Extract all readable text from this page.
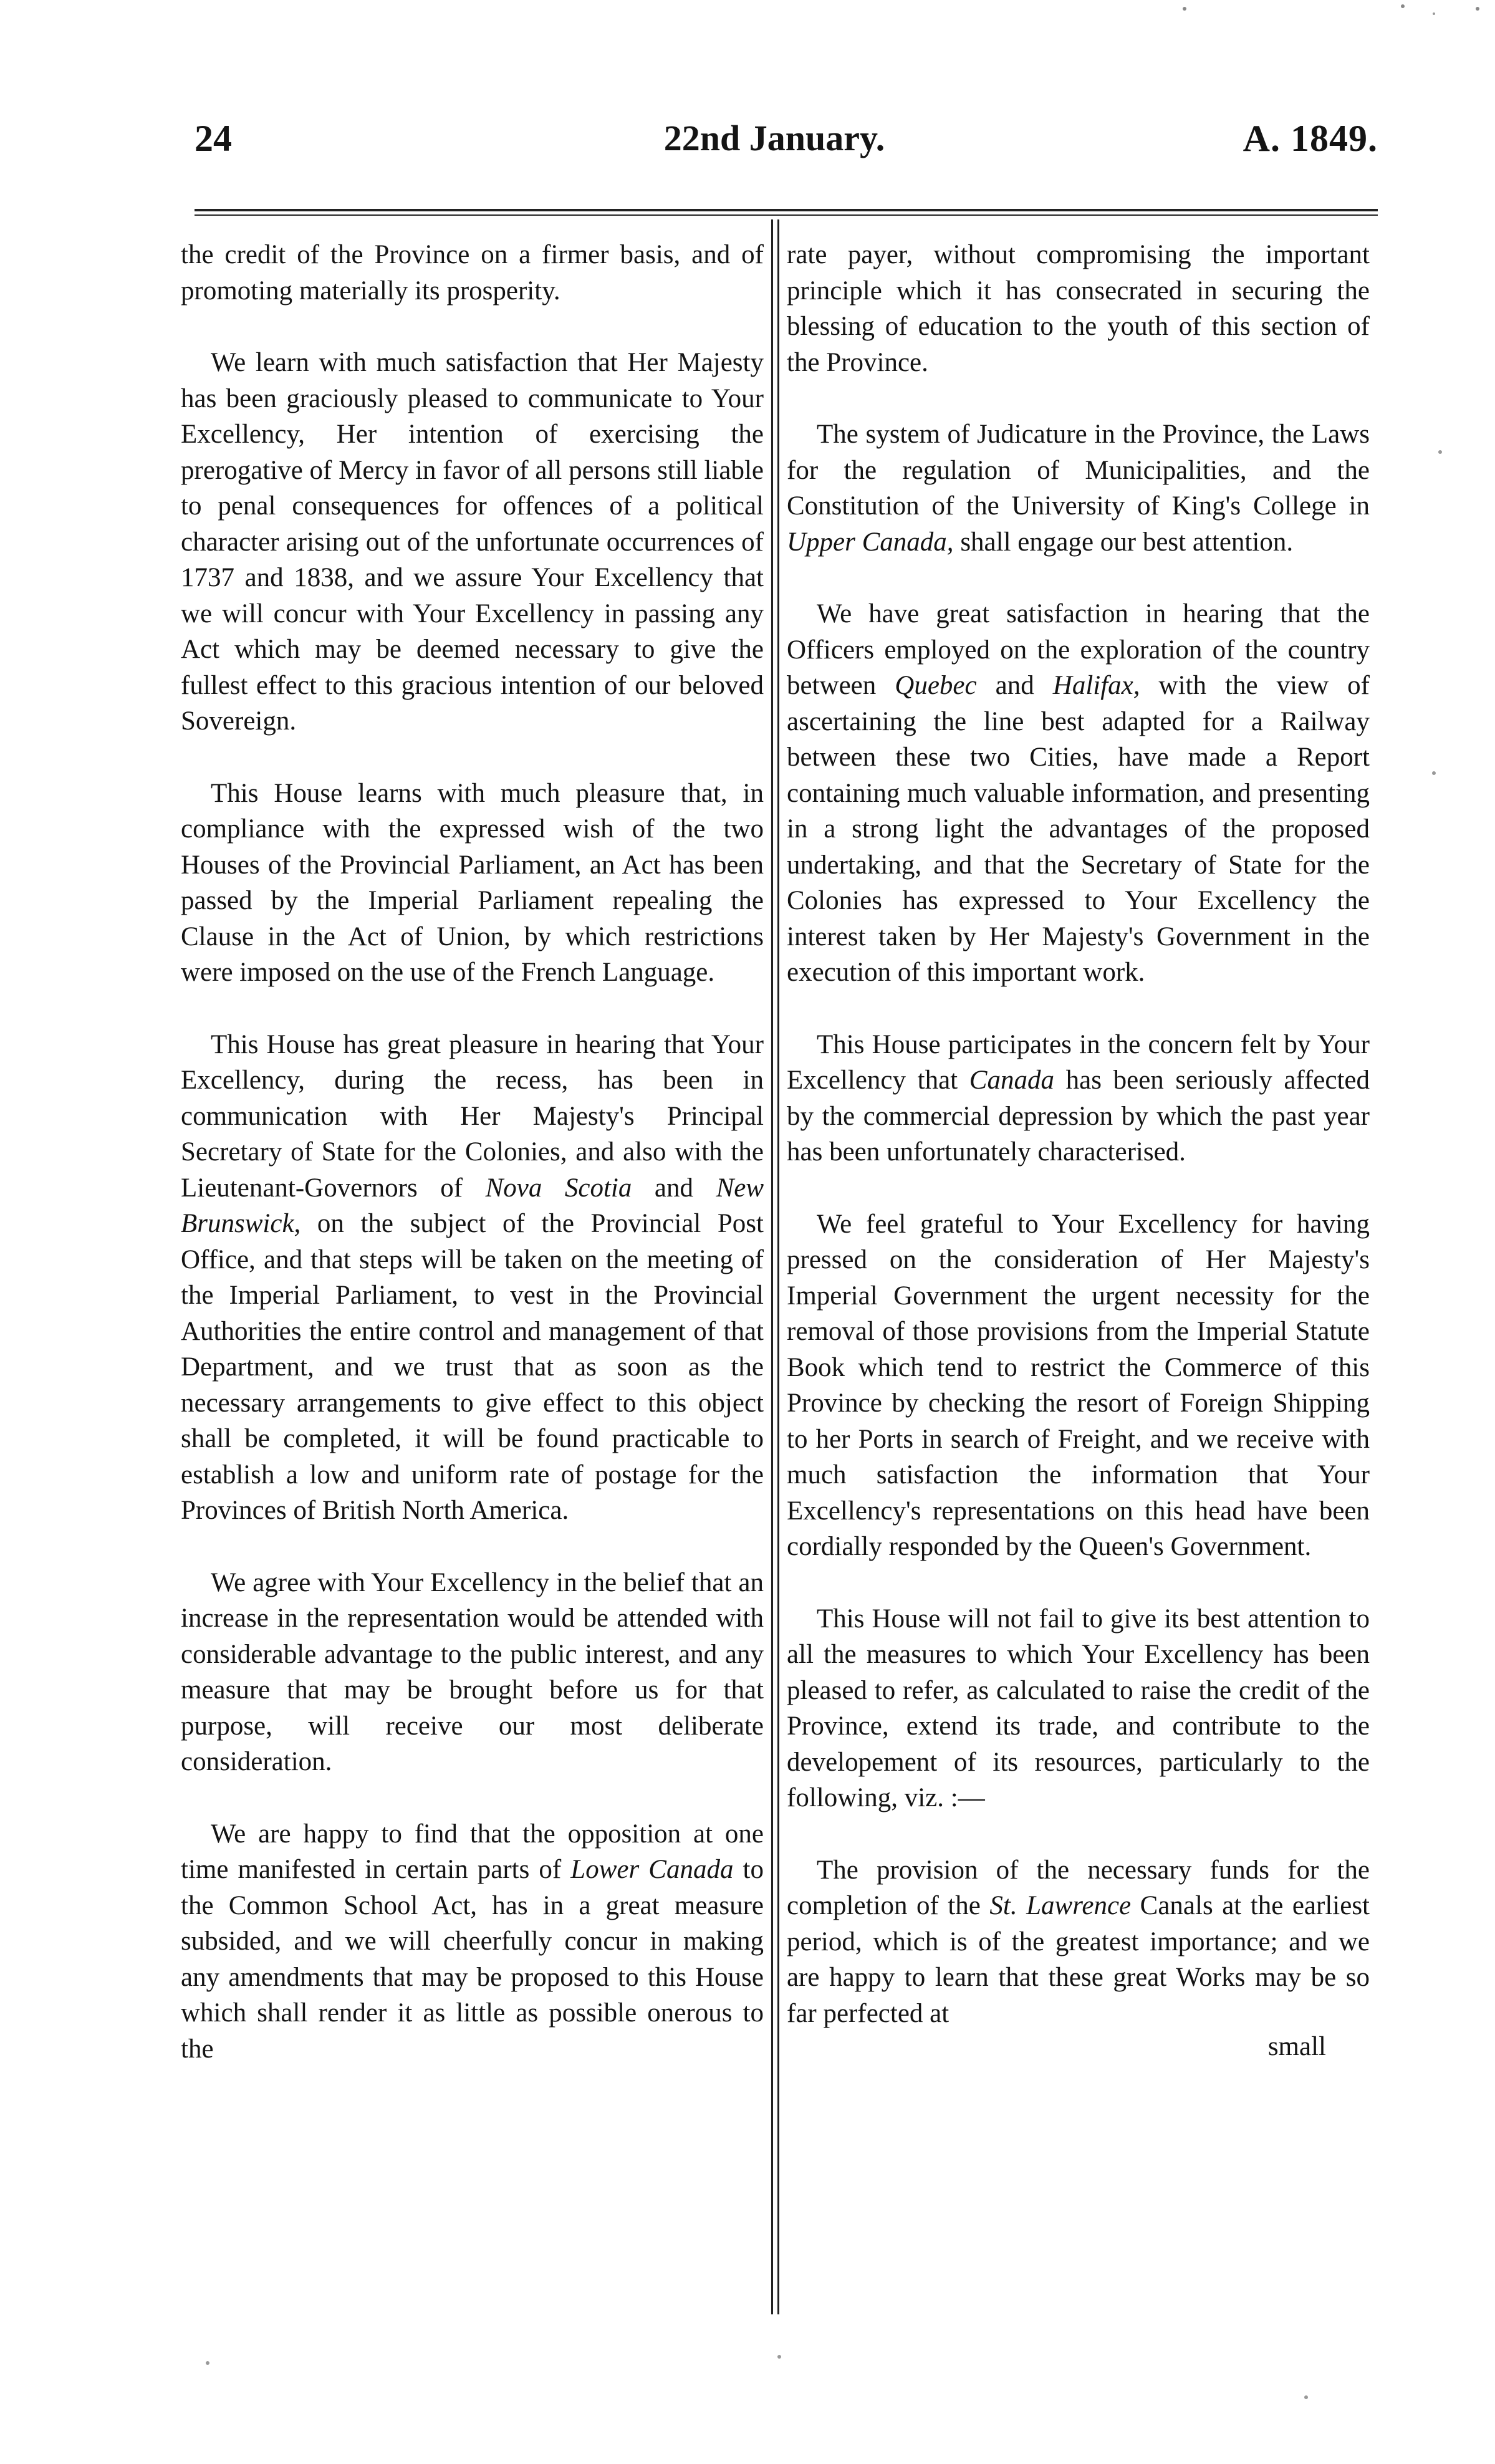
24	22nd January.	A. 1849.

the credit of the Province on a firmer basis, and of promoting materially its prosperity.

We learn with much satisfaction that Her Majesty has been graciously pleased to communicate to Your Excellency, Her intention of exercising the prerogative of Mercy in favor of all persons still liable to penal consequences for offences of a political character arising out of the unfortunate occurrences of 1737 and 1838, and we assure Your Excellency that we will concur with Your Excellency in passing any Act which may be deemed necessary to give the fullest effect to this gracious intention of our beloved Sovereign.

This House learns with much pleasure that, in compliance with the expressed wish of the two Houses of the Provincial Parliament, an Act has been passed by the Imperial Parliament repealing the Clause in the Act of Union, by which restrictions were imposed on the use of the French Language.

This House has great pleasure in hearing that Your Excellency, during the recess, has been in communication with Her Majesty's Principal Secretary of State for the Colonies, and also with the Lieutenant-Governors of Nova Scotia and New Brunswick, on the subject of the Provincial Post Office, and that steps will be taken on the meeting of the Imperial Parliament, to vest in the Provincial Authorities the entire control and management of that Department, and we trust that as soon as the necessary arrangements to give effect to this object shall be completed, it will be found practicable to establish a low and uniform rate of postage for the Provinces of British North America.

We agree with Your Excellency in the belief that an increase in the representation would be attended with considerable advantage to the public interest, and any measure that may be brought before us for that purpose, will receive our most deliberate consideration.

We are happy to find that the opposition at one time manifested in certain parts of Lower Canada to the Common School Act, has in a great measure subsided, and we will cheerfully concur in making any amendments that may be proposed to this House which shall render it as little as possible onerous to the

rate payer, without compromising the important principle which it has consecrated in securing the blessing of education to the youth of this section of the Province.

The system of Judicature in the Province, the Laws for the regulation of Municipalities, and the Constitution of the University of King's College in Upper Canada, shall engage our best attention.

We have great satisfaction in hearing that the Officers employed on the exploration of the country between Quebec and Halifax, with the view of ascertaining the line best adapted for a Railway between these two Cities, have made a Report containing much valuable information, and presenting in a strong light the advantages of the proposed undertaking, and that the Secretary of State for the Colonies has expressed to Your Excellency the interest taken by Her Majesty's Government in the execution of this important work.

This House participates in the concern felt by Your Excellency that Canada has been seriously affected by the commercial depression by which the past year has been unfortunately characterised.

We feel grateful to Your Excellency for having pressed on the consideration of Her Majesty's Imperial Government the urgent necessity for the removal of those provisions from the Imperial Statute Book which tend to restrict the Commerce of this Province by checking the resort of Foreign Shipping to her Ports in search of Freight, and we receive with much satisfaction the information that Your Excellency's representations on this head have been cordially responded by the Queen's Government.

This House will not fail to give its best attention to all the measures to which Your Excellency has been pleased to refer, as calculated to raise the credit of the Province, extend its trade, and contribute to the developement of its resources, particularly to the following, viz. :—

The provision of the necessary funds for the completion of the St. Lawrence Canals at the earliest period, which is of the greatest importance; and we are happy to learn that these great Works may be so far perfected at

small
